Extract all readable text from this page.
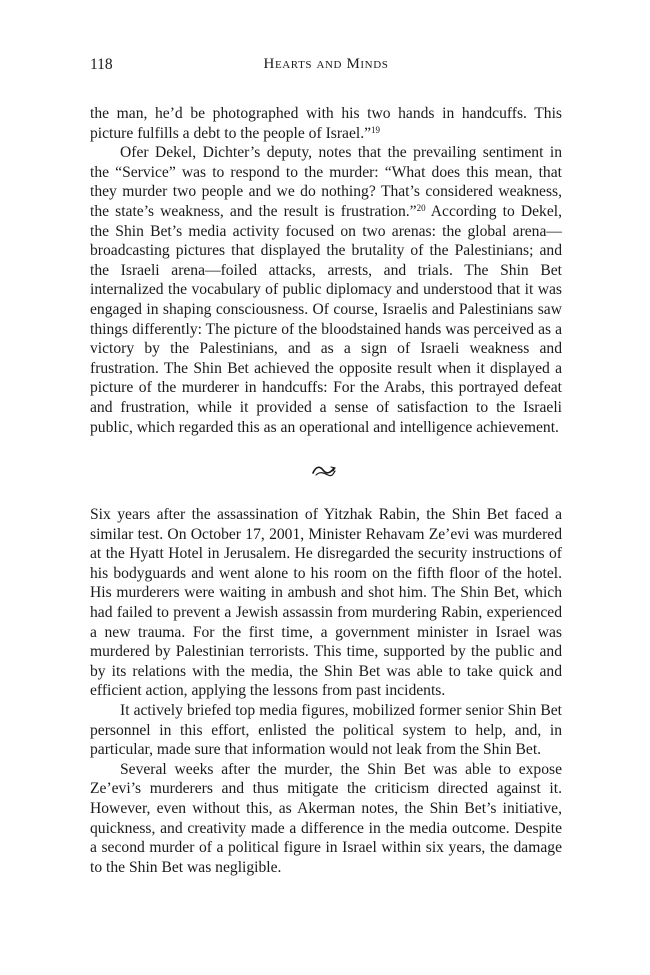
118	Hearts and Minds

the man, he’d be photographed with his two hands in handcuffs. This picture fulfills a debt to the people of Israel.”$^{19}$

Ofer Dekel, Dichter’s deputy, notes that the prevailing sentiment in the “Service” was to respond to the murder: “What does this mean, that they murder two people and we do nothing? That’s considered weakness, the state’s weakness, and the result is frustration.”$^{20}$ According to Dekel, the Shin Bet’s media activity focused on two arenas: the global arena—broadcasting pictures that displayed the brutality of the Palestinians; and the Israeli arena—foiled attacks, arrests, and trials. The Shin Bet internalized the vocabulary of public diplomacy and understood that it was engaged in shaping consciousness. Of course, Israelis and Palestinians saw things differently: The picture of the bloodstained hands was perceived as a victory by the Palestinians, and as a sign of Israeli weakness and frustration. The Shin Bet achieved the opposite result when it displayed a picture of the murderer in handcuffs: For the Arabs, this portrayed defeat and frustration, while it provided a sense of satisfaction to the Israeli public, which regarded this as an operational and intelligence achievement.

Six years after the assassination of Yitzhak Rabin, the Shin Bet faced a similar test. On October 17, 2001, Minister Rehavam Ze’evi was murdered at the Hyatt Hotel in Jerusalem. He disregarded the security instructions of his bodyguards and went alone to his room on the fifth floor of the hotel. His murderers were waiting in ambush and shot him. The Shin Bet, which had failed to prevent a Jewish assassin from murdering Rabin, experienced a new trauma. For the first time, a government minister in Israel was murdered by Palestinian terrorists. This time, supported by the public and by its relations with the media, the Shin Bet was able to take quick and efficient action, applying the lessons from past incidents.

It actively briefed top media figures, mobilized former senior Shin Bet personnel in this effort, enlisted the political system to help, and, in particular, made sure that information would not leak from the Shin Bet.

Several weeks after the murder, the Shin Bet was able to expose Ze’evi’s murderers and thus mitigate the criticism directed against it. However, even without this, as Akerman notes, the Shin Bet’s initiative, quickness, and creativity made a difference in the media outcome. Despite a second murder of a political figure in Israel within six years, the damage to the Shin Bet was negligible.
